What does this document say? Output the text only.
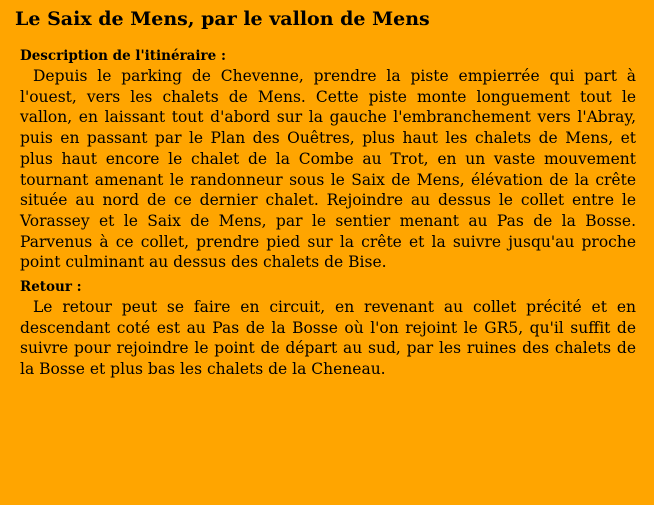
Le Saix de Mens, par le vallon de Mens
Description de l'itinéraire :

Depuis le parking de Chevenne, prendre la piste empierrée qui part à l'ouest, vers les chalets de Mens. Cette piste monte longuement tout le vallon, en laissant tout d'abord sur la gauche l'embranchement vers l'Abray, puis en passant par le Plan des Ouêtres, plus haut les chalets de Mens, et plus haut encore le chalet de la Combe au Trot, en un vaste mouvement tournant amenant le randonneur sous le Saix de Mens, élévation de la crête située au nord de ce dernier chalet. Rejoindre au dessus le collet entre le Vorassey et le Saix de Mens, par le sentier menant au Pas de la Bosse. Parvenus à ce collet, prendre pied sur la crête et la suivre jusqu'au proche point culminant au dessus des chalets de Bise.

Retour :

Le retour peut se faire en circuit, en revenant au collet précité et en descendant coté est au Pas de la Bosse où l'on rejoint le GR5, qu'il suffit de suivre pour rejoindre le point de départ au sud, par les ruines des chalets de la Bosse et plus bas les chalets de la Cheneau.
